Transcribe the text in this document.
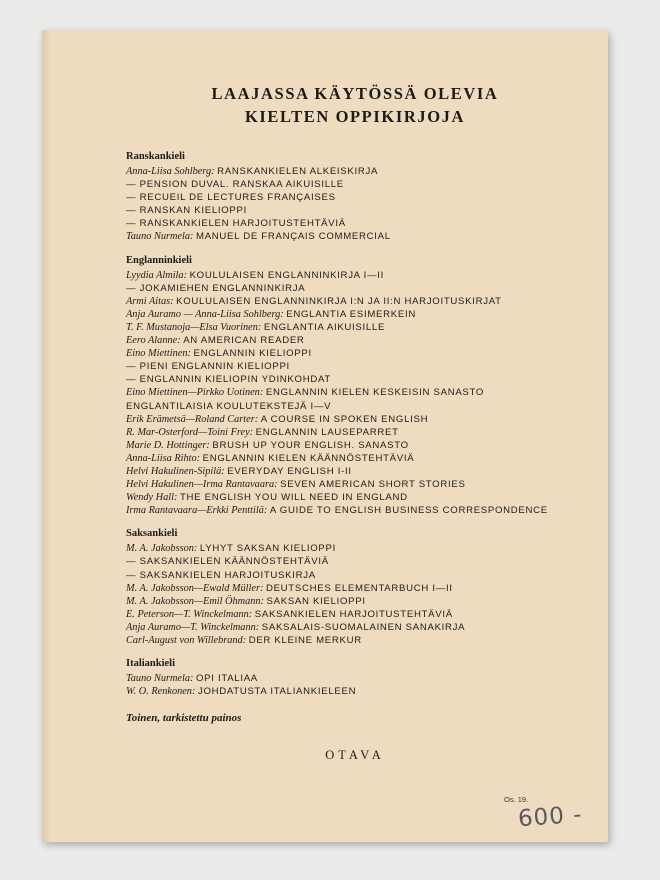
LAAJASSA KÄYTÖSSÄ OLEVIA
KIELTEN OPPIKIRJOJA
Ranskankieli

Anna-Liisa Sohlberg: RANSKANKIELEN ALKEISKIRJA

— PENSION DUVAL. RANSKAA AIKUISILLE

— RECUEIL DE LECTURES FRANÇAISES

— RANSKAN KIELIOPPI

— RANSKANKIELEN HARJOITUSTEHTÄVIÄ

Tauno Nurmela: MANUEL DE FRANÇAIS COMMERCIAL

Englanninkieli

Lyydia Almila: KOULULAISEN ENGLANNINKIRJA I—II

— JOKAMIEHEN ENGLANNINKIRJA

Armi Aitas: KOULULAISEN ENGLANNINKIRJA I:N JA II:N HARJOITUSKIRJAT

Anja Auramo — Anna-Liisa Sohlberg: ENGLANTIA ESIMERKEIN

T. F. Mustanoja—Elsa Vuorinen: ENGLANTIA AIKUISILLE

Eero Alanne: AN AMERICAN READER

Eino Miettinen: ENGLANNIN KIELIOPPI

— PIENI ENGLANNIN KIELIOPPI

— ENGLANNIN KIELIOPIN YDINKOHDAT

Eino Miettinen—Pirkko Uotinen: ENGLANNIN KIELEN KESKEISIN SANASTO

ENGLANTILAISIA KOULUTEKSTEJÄ I—V

Erik Erämetsä—Roland Carter: A COURSE IN SPOKEN ENGLISH

R. Mar-Osterford—Toini Frey: ENGLANNIN LAUSEPARRET

Marie D. Hottinger: BRUSH UP YOUR ENGLISH. SANASTO

Anna-Liisa Rihto: ENGLANNIN KIELEN KÄÄNNÖSTEHTÄVIÄ

Helvi Hakulinen-Sipilä: EVERYDAY ENGLISH I-II

Helvi Hakulinen—Irma Rantavaara: SEVEN AMERICAN SHORT STORIES

Wendy Hall: THE ENGLISH YOU WILL NEED IN ENGLAND

Irma Rantavaara—Erkki Penttilä: A GUIDE TO ENGLISH BUSINESS CORRESPONDENCE

Saksankieli

M. A. Jakobsson: LYHYT SAKSAN KIELIOPPI

— SAKSANKIELEN KÄÄNNÖSTEHTÄVIÄ

— SAKSANKIELEN HARJOITUSKIRJA

M. A. Jakobsson—Ewald Müller: DEUTSCHES ELEMENTARBUCH I—II

M. A. Jakobsson—Emil Öhmann: SAKSAN KIELIOPPI

E. Peterson—T. Winckelmann: SAKSANKIELEN HARJOITUSTEHTÄVIÄ

Anja Auramo—T. Winckelmann: SAKSALAIS-SUOMALAINEN SANAKIRJA

Carl-August von Willebrand: DER KLEINE MERKUR

Italiankieli

Tauno Nurmela: OPI ITALIAA

W. O. Renkonen: JOHDATUSTA ITALIANKIELEEN

Toinen, tarkistettu painos

OTAVA
Os. 19.
600 -
